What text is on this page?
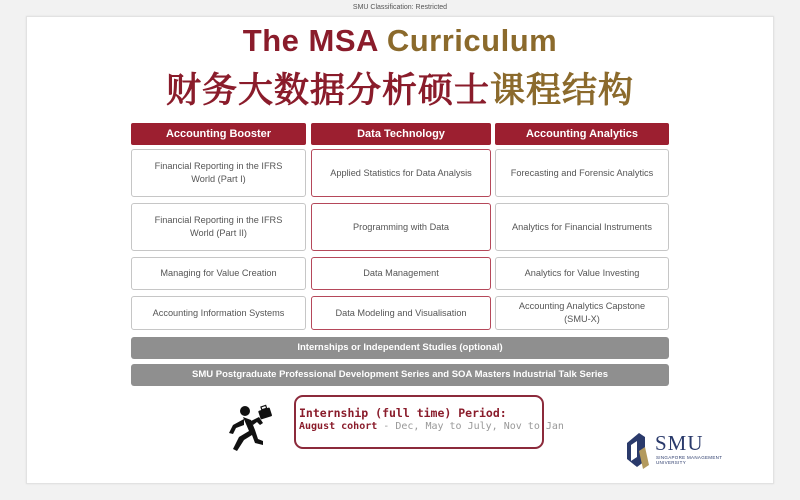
SMU Classification: Restricted
The MSA Curriculum
财务大数据分析硕士课程结构
Accounting Booster
Financial Reporting in the IFRS World (Part I)
Financial Reporting in the IFRS World (Part II)
Managing for Value Creation
Accounting Information Systems
Data Technology
Applied Statistics for Data Analysis
Programming with Data
Data Management
Data Modeling and Visualisation
Accounting Analytics
Forecasting and Forensic Analytics
Analytics for Financial Instruments
Analytics for Value Investing
Accounting Analytics Capstone (SMU-X)
Internships or Independent Studies (optional)
SMU Postgraduate Professional Development Series and SOA Masters Industrial Talk Series
Internship (full time) Period:
August cohort - Dec, May to July, Nov to Jan
SMU
SINGAPORE MANAGEMENT
UNIVERSITY
